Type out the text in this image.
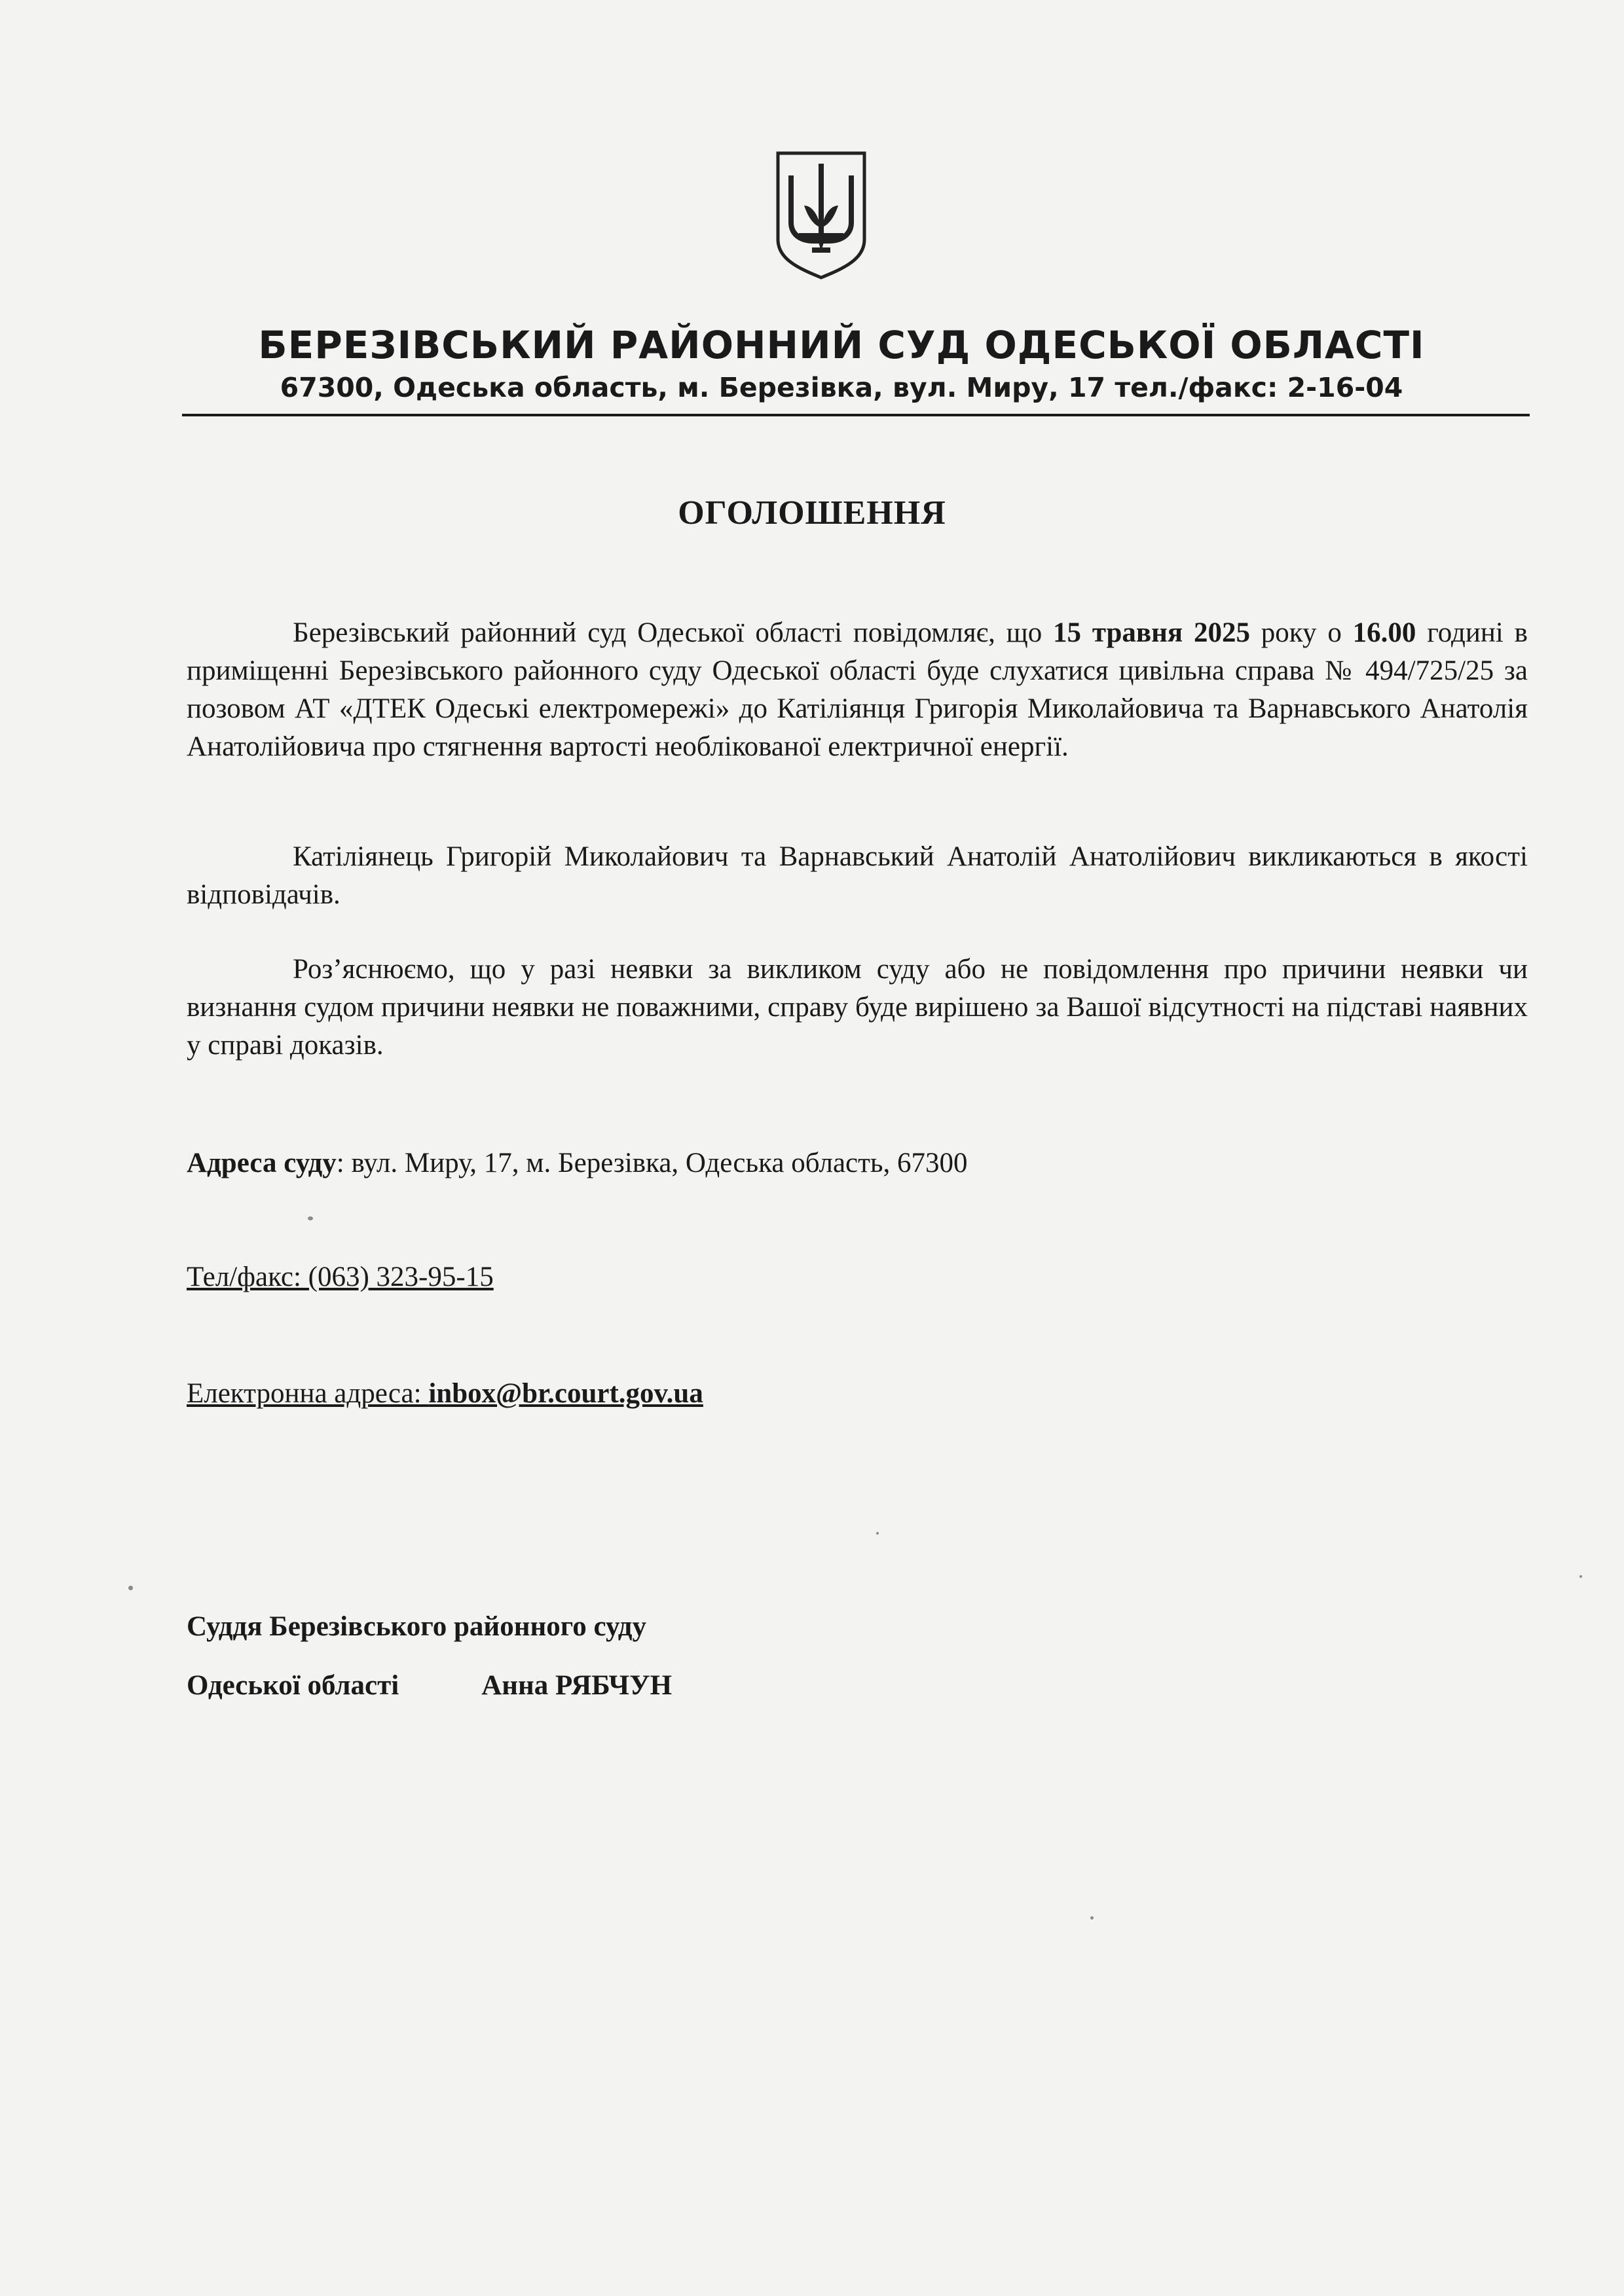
БЕРЕЗІВСЬКИЙ РАЙОННИЙ СУД ОДЕСЬКОЇ ОБЛАСТІ
67300, Одеська область, м. Березівка, вул. Миру, 17 тел./факс: 2-16-04
ОГОЛОШЕННЯ

Березівський районний суд Одеської області повідомляє, що 15 травня 2025 року о 16.00 годині в приміщенні Березівського районного суду Одеської області буде слухатися цивільна справа № 494/725/25 за позовом АТ «ДТЕК Одеські електромережі» до Катіліянця Григорія Миколайовича та Варнавського Анатолія Анатолійовича про стягнення вартості необлікованої електричної енергії.

Катіліянець Григорій Миколайович та Варнавський Анатолій Анатолійович викликаються в якості відповідачів.

Роз’яснюємо, що у разі неявки за викликом суду або не повідомлення про причини неявки чи визнання судом причини неявки не поважними, справу буде вирішено за Вашої відсутності на підставі наявних у справі доказів.

Адреса суду: вул. Миру, 17, м. Березівка, Одеська область, 67300
Тел/факс: (063) 323-95-15
Електронна адреса: inbox@br.court.gov.ua
Суддя Березівського районного суду
Одеської області	Анна РЯБЧУН
